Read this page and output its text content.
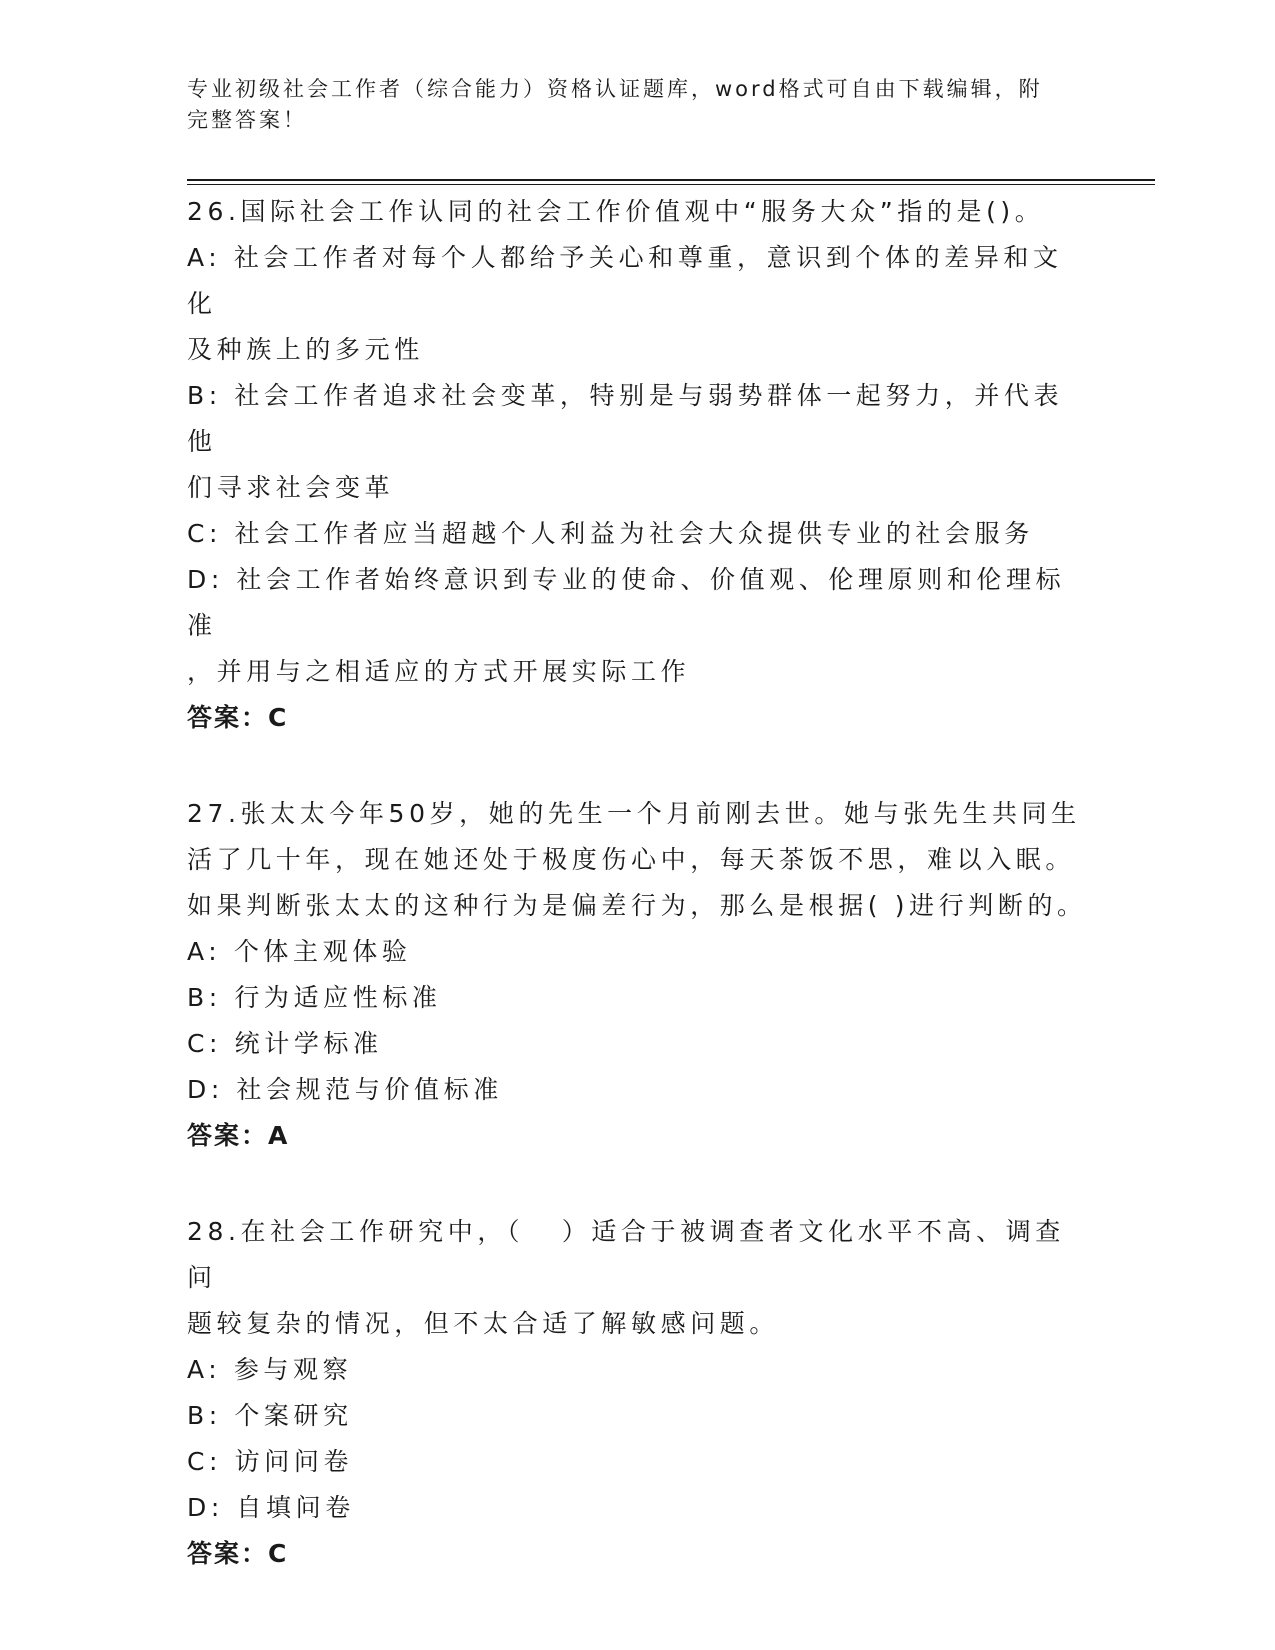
专业初级社会工作者（综合能力）资格认证题库，word格式可自由下载编辑，附
完整答案！
26.国际社会工作认同的社会工作价值观中“服务大众”指的是()。
A: 社会工作者对每个人都给予关心和尊重，意识到个体的差异和文化
及种族上的多元性
B: 社会工作者追求社会变革，特别是与弱势群体一起努力，并代表他
们寻求社会变革
C: 社会工作者应当超越个人利益为社会大众提供专业的社会服务
D: 社会工作者始终意识到专业的使命、价值观、伦理原则和伦理标准
，并用与之相适应的方式开展实际工作
答案：C
27.张太太今年50岁，她的先生一个月前刚去世。她与张先生共同生
活了几十年，现在她还处于极度伤心中，每天茶饭不思，难以入眠。
如果判断张太太的这种行为是偏差行为，那么是根据( )进行判断的。
A: 个体主观体验
B: 行为适应性标准
C: 统计学标准
D: 社会规范与价值标准
答案：A
28.在社会工作研究中，（   ）适合于被调查者文化水平不高、调查问
题较复杂的情况，但不太合适了解敏感问题。
A: 参与观察
B: 个案研究
C: 访问问卷
D: 自填问卷
答案：C
